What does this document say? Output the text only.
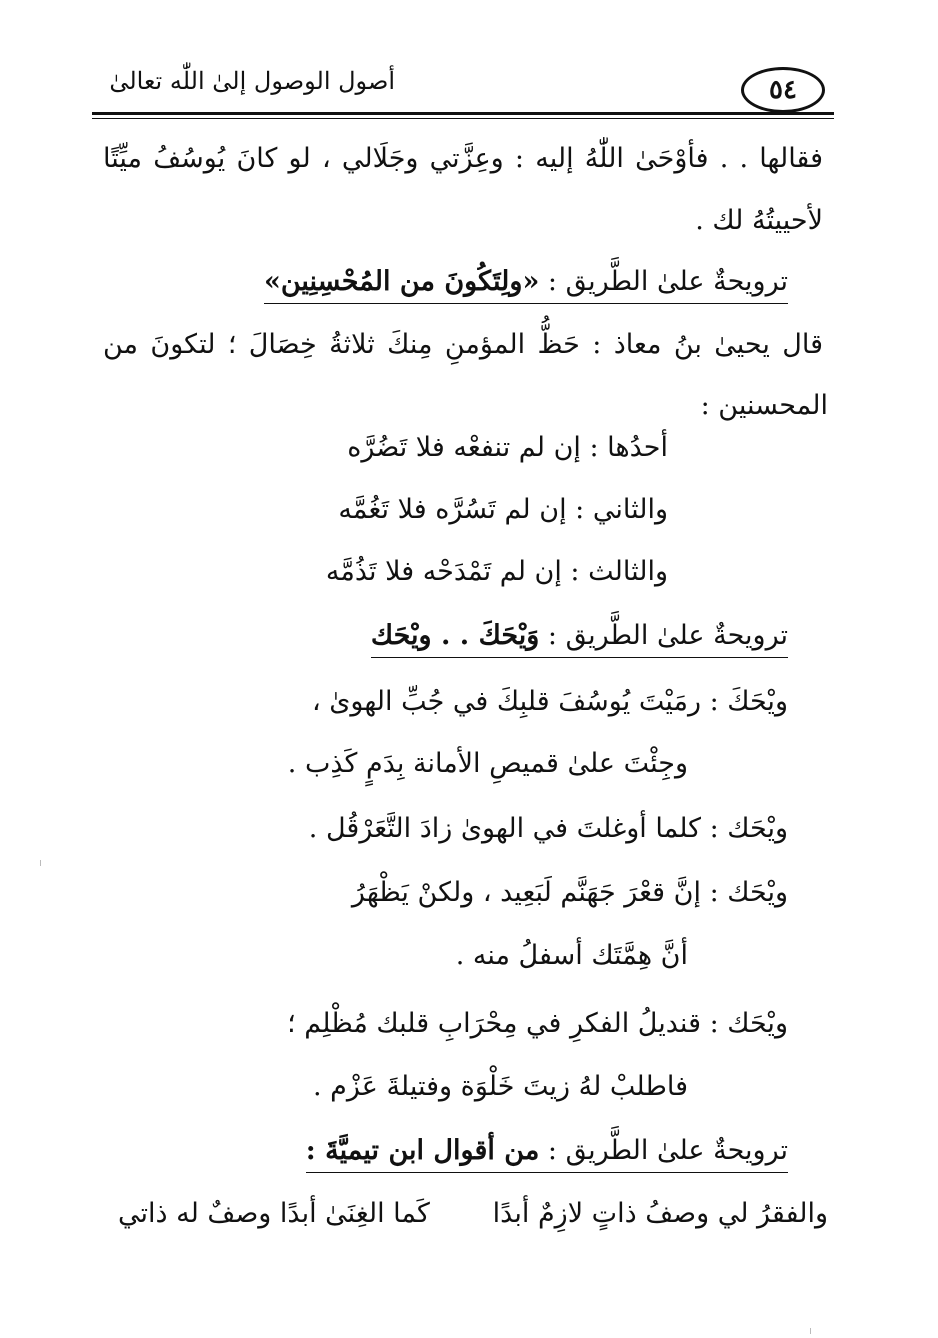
٥٤
أصول الوصول إلىٰ اللّٰه تعالىٰ
فقالها . . فأوْحَىٰ اللّٰهُ إليه : وعِزَّتي وجَلَالي ، لو كانَ يُوسُفُ ميِّتًا
لأحييتُهُ لك .
ترويحةٌ علىٰ الطَّريق : «ولِتَكُونَ من المُحْسِنِين»
قال يحيىٰ بنُ معاذ : حَظُّ المؤمنِ مِنكَ ثلاثةُ خِصَالَ ؛ لتكونَ من
المحسنين :
أحدُها : إن لم تنفعْه فلا تَضُرَّه
والثاني : إن لم تَسُرَّه فلا تَغُمَّه
والثالث : إن لم تَمْدَحْه فلا تَذُمَّه
ترويحةٌ علىٰ الطَّريق : وَيْحَكَ . . ويْحَك
ويْحَكَ : رمَيْتَ يُوسُفَ قلبِكَ في جُبِّ الهوىٰ ،
وجِئْتَ علىٰ قميصِ الأمانة بِدَمٍ كَذِب .
ويْحَك : كلما أوغلتَ في الهوىٰ زادَ التَّعَرْقُل .
ويْحَك : إنَّ قعْرَ جَهَنَّم لَبَعِيد ، ولكنْ يَظْهَرُ
أنَّ هِمَّتَك أسفلُ منه .
ويْحَك : قنديلُ الفكرِ في مِحْرَابِ قلبك مُظْلِم ؛
فاطلبْ لهُ زيتَ خَلْوَة وفتيلةَ عَزْم .
ترويحةٌ علىٰ الطَّريق : من أقوال ابن تيميَّةَ :
والفقرُ لي وصفُ ذاتٍ لازِمٌ أبدًا
كَما الغِنَىٰ أبدًا وصفٌ له ذاتي
